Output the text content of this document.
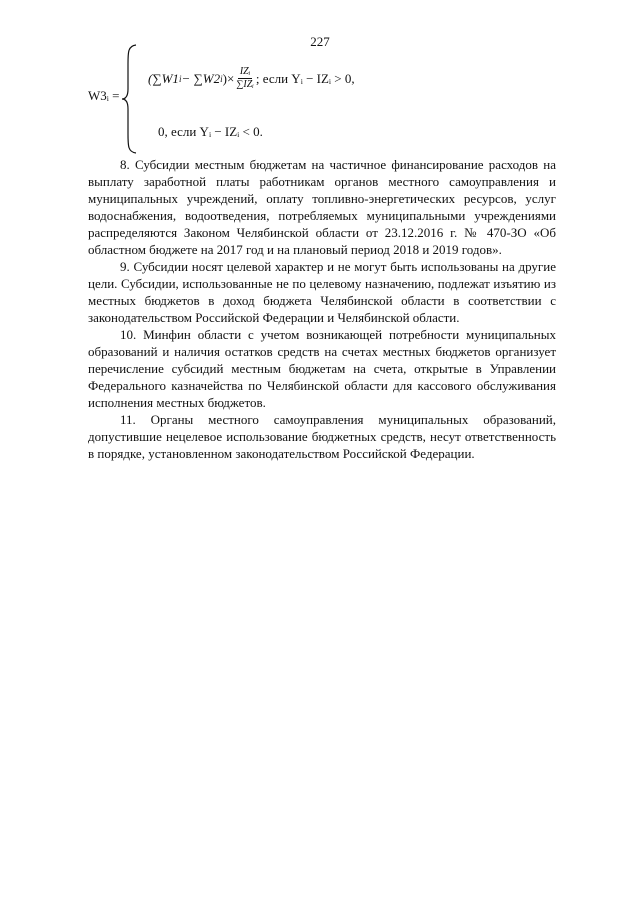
227
W3ᵢ =
(∑W1 i − ∑W2 i ) × $\frac{\text{IZᵢ}}{\text{∑IZᵢ}}$ ; если Yᵢ − IZᵢ > 0,
0, если Yᵢ − IZᵢ < 0.

8. Субсидии местным бюджетам на частичное финансирование расходов на выплату заработной платы работникам органов местного самоуправления и муниципальных учреждений, оплату топливно-энергетических ресурсов, услуг водоснабжения, водоотведения, потребляемых муниципальными учреждениями распределяются Законом Челябинской области от 23.12.2016 г. № 470-ЗО «Об областном бюджете на 2017 год и на плановый период 2018 и 2019 годов».

9. Субсидии носят целевой характер и не могут быть использованы на другие цели. Субсидии, использованные не по целевому назначению, подлежат изъятию из местных бюджетов в доход бюджета Челябинской области в соответствии с законодательством Российской Федерации и Челябинской области.

10. Минфин области с учетом возникающей потребности муниципальных образований и наличия остатков средств на счетах местных бюджетов организует перечисление субсидий местным бюджетам на счета, открытые в Управлении Федерального казначейства по Челябинской области для кассового обслуживания исполнения местных бюджетов.

11. Органы местного самоуправления муниципальных образований, допустившие нецелевое использование бюджетных средств, несут ответственность в порядке, установленном законодательством Российской Федерации.
